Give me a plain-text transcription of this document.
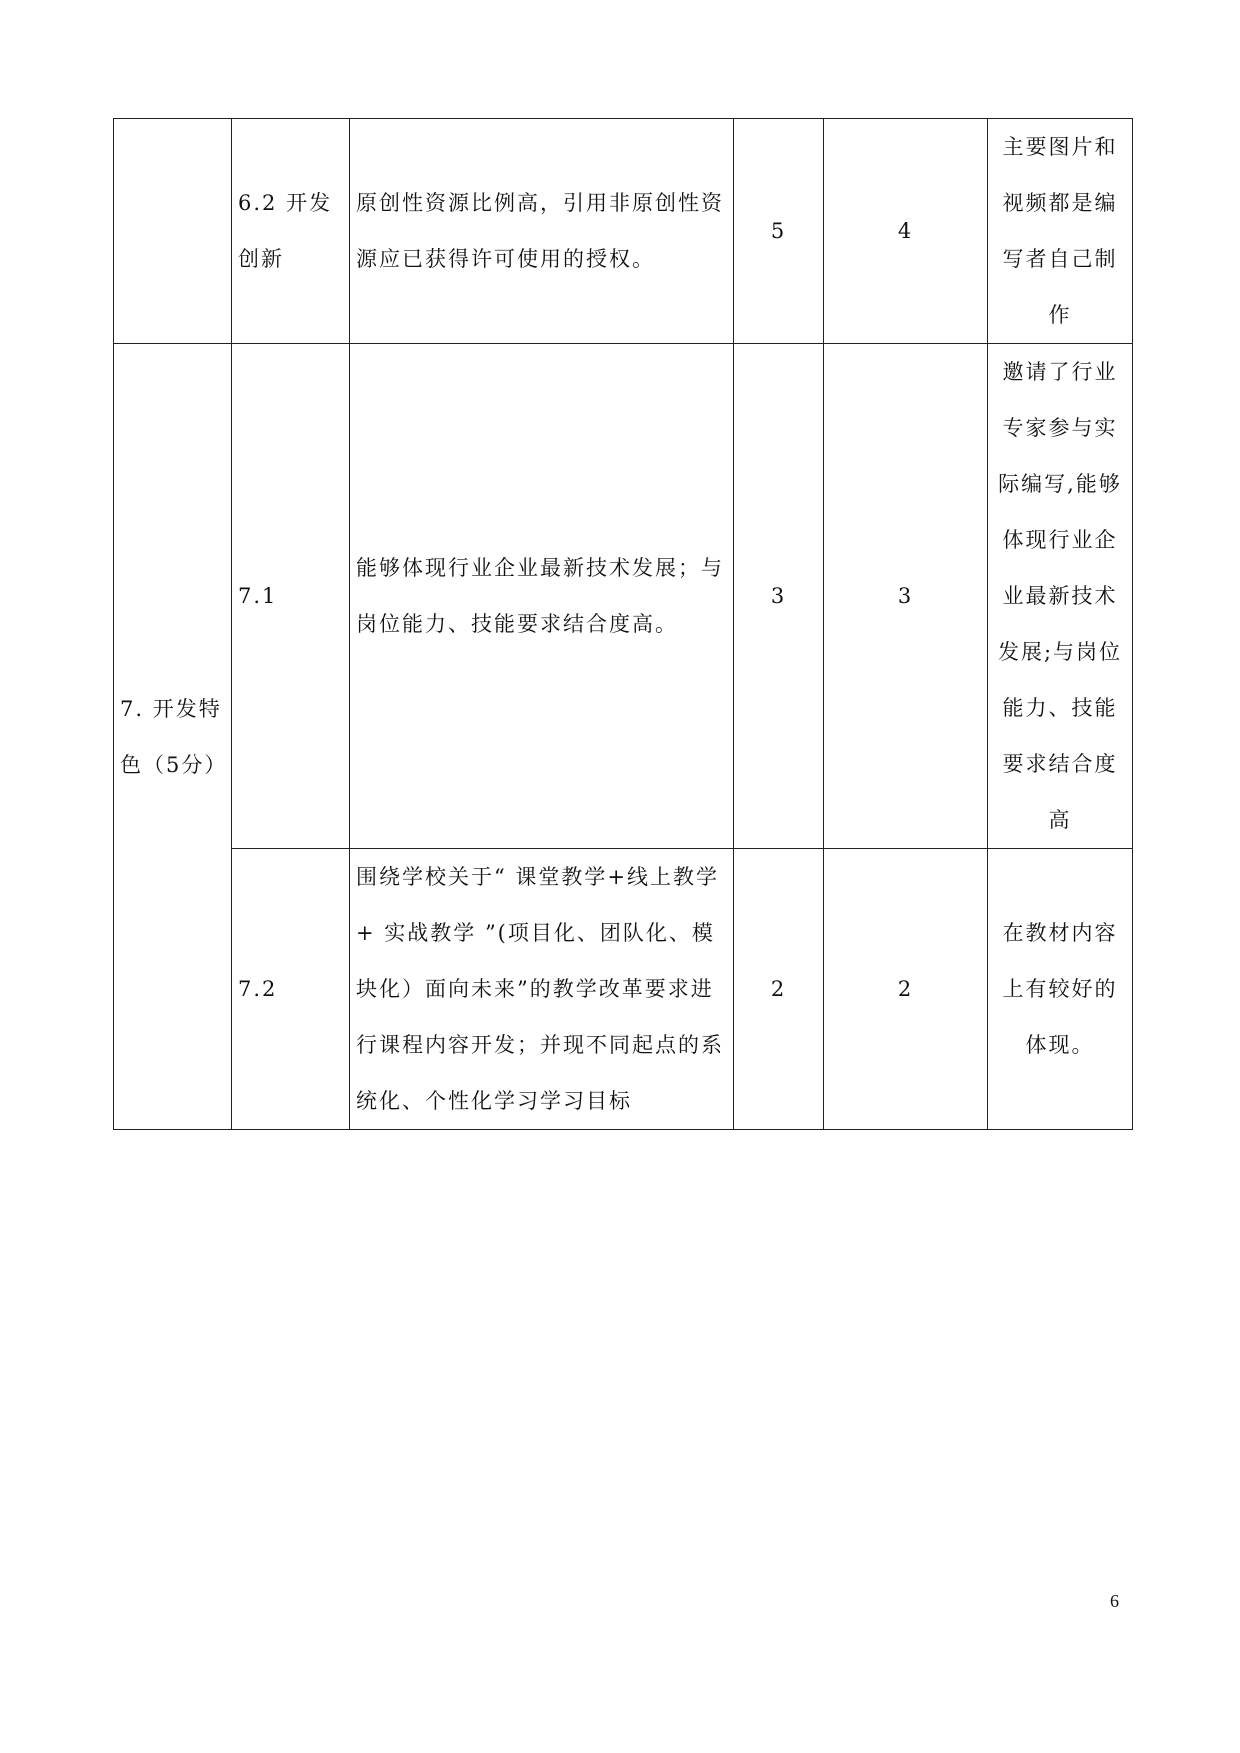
	6.2 开发创新	原创性资源比例高，引用非原创性资源应已获得许可使用的授权。	5	4	主要图片和视频都是编写者自己制作
7. 开发特色（5分）	7.1	能够体现行业企业最新技术发展；与岗位能力、技能要求结合度高。	3	3	邀请了行业专家参与实际编写,能够体现行业企业最新技术发展;与岗位能力、技能要求结合度高
	7.2	围绕学校关于“ 课堂教学+线上教学+ 实战教学 ”(项目化、团队化、模块化）面向未来”的教学改革要求进行课程内容开发；并现不同起点的系统化、个性化学习学习目标	2	2	在教材内容上有较好的体现。
6
